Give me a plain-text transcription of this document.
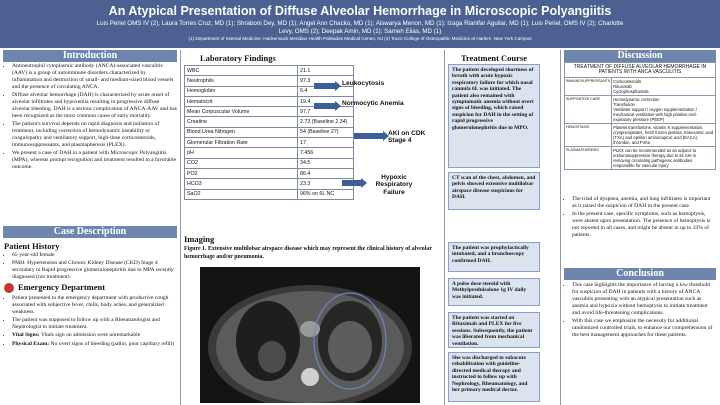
An Atypical Presentation of Diffuse Alveolar Hemorrhage in Microscopic Polyangiitis
Luis Periel OMS IV (2), Laura Torres Cruz, MD (1); Shraboni Dey, MD (1); Angel Ann Chacko, MD (1); Aiswarya Menon, MD (1); Izaga Rianifar Aguilar, MD (1); Luis Periel, OMS IV (2); Charlotte Levy, OMS (2); Deepak Amin, MD (1); Sameh Elias, MD (1)
(1) Department of Internal Medicine, Hackensack Meridian Health Palisades Medical Center, NJ (2) Touro College of Osteopathic Medicine at Harlem, New York Campus
Introduction
• Antineutrophil cytoplasmic antibody (ANCA)-associated vasculitis (AAV) is a group of autoimmune disorders characterized by inflammation and destruction of small- and medium-sized blood vessels and the presence of circulating ANCA.
• Diffuse alveolar hemorrhage (DAH) is characterized by acute onset of alveolar infiltrates and hypoxemia resulting in progressive diffuse alveolar bleeding. DAH is a serious complication of ANCA-AAV and has been recognized as the most common cause of early mortality.
• The patient's survival depends on rapid diagnosis and initiation of treatment, including correction of hemodynamic instability or coagulopathy and ventilatory support, high-dose corticosteroids, immunosuppressants, and plasmapheresis (PLEX).
• We present a case of DAH in a patient with Microscopic Polyangiitis (MPA), whereas prompt recognition and treatment resulted in a favorable outcome.
Case Description
Patient History
• 65-year-old female
• PMH: Hypertension and Chronic Kidney Disease (CKD) Stage 4 secondary to Rapid progressive glomerulonephritis due to MPA recently diagnosed (not treatment).
Emergency Department
• Patient presented to the emergency department with productive cough associated with subjective fever, chills, body aches, and generalized weakness.
• The patient was supposed to follow up with a Rheumatologist and Nephrologist to initiate treatment.
• Vital Signs: Vitals sign on admission were unremarkable
• Physical Exam: No overt signs of bleeding (pallor, poor capillary refill)
Laboratory Findings
WBC	21.1
Neutrophils	97.3
Hemoglobin	6.4
Hematocrit	19.4
Mean Corpuscular Volume	97.7
Creatine	2.73 (Baseline 2.34)
Blood Urea Nitrogen	54 (Baseline 27)
Glomerular Filtration Rate	17
pH	7.456
CO2	34.5
PO2	86.4
HCO3	23.3
SaO2	96% on 6L NC
Leukocytosis
Normocytic Anemia
AKI on CDK Stage 4
Hypoxic Respiratory Failure
Imaging
Figure 1. Extensive multilobar airspace disease which may represent the clinical history of alveolar hemorrhage and/or pneumonia.
Treatment Course
The patient developed shortness of breath with acute hypoxic respiratory failure for which nasal cannula 6L was initiated. The patient also remained with symptomatic anemia without overt signs of bleeding, which raised suspicion for DAH in the setting of rapid progressive glomerulonephritis due to MPO.
CT scan of the chest, abdomen, and pelvis showed extensive multilobar airspace disease suspicious for DAH.
The patient was prophylactically intubated, and a bronchoscopy confirmed DAH.
A pulse dose steroid with Methylprednisolone 1g IV daily was initiated.
The patient was started on Rituximab and PLEX for five sessions. Subsequently, the patient was liberated from mechanical ventilation.
She was discharged to subacute rehabilitation with guideline-directed medical therapy and instructed to follow up with Nephrology, Rheumatology, and her primary medical doctor.
Discussion
TREATMENT OF DIFFUSE ALVEOLAR HEMORRHAGE IN PATIENTS WITH ANCA VASCULITIS	
IMMUNOSUPPRESSANTS	Corticosteroids
Rituximab
Cyclophosphamide
SUPPORTIVE CARE	Hemodynamic correction
Transfusion
Ventilator support / oxygen supplementation / mechanical ventilation with high positive end-expiratory pressure (PEEP)
HEMOSTASIS	Platelet transfusions, vitamin K supplementation, cryoprecipitates, fresh frozen plasma, tranexamic acid (TXA) and epsilon aminocaproic acid (EACA), thrombin, and FVIIa
PLASMAPHERESIS	PLEX can be recommended as an adjunct to immunosuppressive therapy due to its role in removing circulating pathogenic antibodies responsible for vascular injury
• The triad of dyspnea, anemia, and lung infiltrates is important as it raised the suspicion of DAH in the present case.
• In the present case, specific symptoms, such as hemoptysis, were absent upon presentation. The presence of hemoptysis is not reported in all cases, and might be absent in up to 33% of patients.
Conclusion
• This case highlights the importance of having a low threshold for suspicion of DAH in patients with a history of ANCA vasculitis presenting with an atypical presentation such as anemia and hypoxia without hemoptysis to initiate treatment and avoid life-threatening complications.
• With this case we emphasize the necessity for additional randomized controlled trials, to enhance our comprehension of the best management approaches for these patients.
